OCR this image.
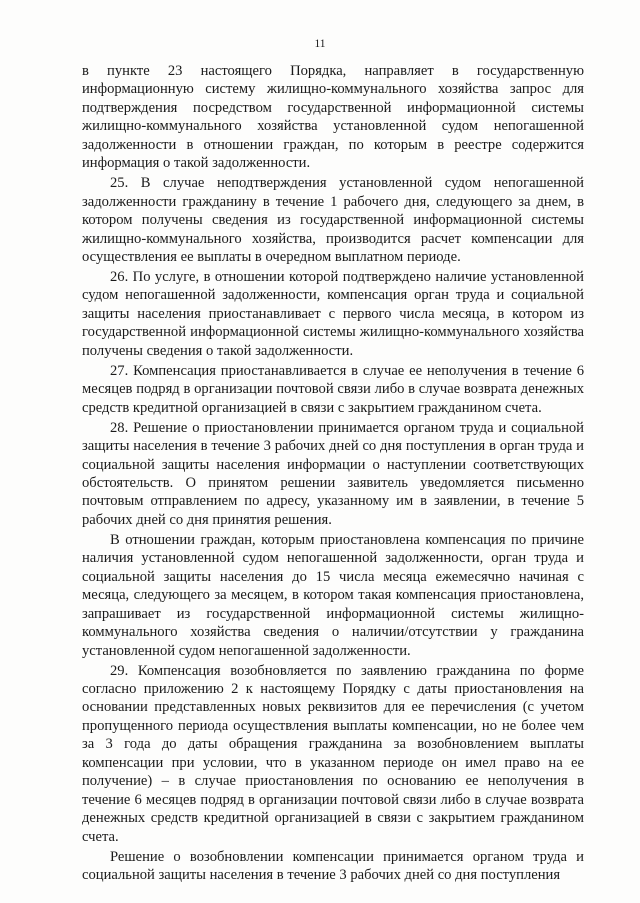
11

в пункте 23 настоящего Порядка, направляет в государственную информационную систему жилищно-коммунального хозяйства запрос для подтверждения посредством государственной информационной системы жилищно-коммунального хозяйства установленной судом непогашенной задолженности в отношении граждан, по которым в реестре содержится информация о такой задолженности.

25. В случае неподтверждения установленной судом непогашенной задолженности гражданину в течение 1 рабочего дня, следующего за днем, в котором получены сведения из государственной информационной системы жилищно-коммунального хозяйства, производится расчет компенсации для осуществления ее выплаты в очередном выплатном периоде.

26. По услуге, в отношении которой подтверждено наличие установленной судом непогашенной задолженности, компенсация орган труда и социальной защиты населения приостанавливает с первого числа месяца, в котором из государственной информационной системы жилищно-коммунального хозяйства получены сведения о такой задолженности.

27. Компенсация приостанавливается в случае ее неполучения в течение 6 месяцев подряд в организации почтовой связи либо в случае возврата денежных средств кредитной организацией в связи с закрытием гражданином счета.

28. Решение о приостановлении принимается органом труда и социальной защиты населения в течение 3 рабочих дней со дня поступления в орган труда и социальной защиты населения информации о наступлении соответствующих обстоятельств. О принятом решении заявитель уведомляется письменно почтовым отправлением по адресу, указанному им в заявлении, в течение 5 рабочих дней со дня принятия решения.

В отношении граждан, которым приостановлена компенсация по причине наличия установленной судом непогашенной задолженности, орган труда и социальной защиты населения до 15 числа месяца ежемесячно начиная с месяца, следующего за месяцем, в котором такая компенсация приостановлена, запрашивает из государственной информационной системы жилищно-коммунального хозяйства сведения о наличии/отсутствии у гражданина установленной судом непогашенной задолженности.

29. Компенсация возобновляется по заявлению гражданина по форме согласно приложению 2 к настоящему Порядку с даты приостановления на основании представленных новых реквизитов для ее перечисления (с учетом пропущенного периода осуществления выплаты компенсации, но не более чем за 3 года до даты обращения гражданина за возобновлением выплаты компенсации при условии, что в указанном периоде он имел право на ее получение) – в случае приостановления по основанию ее неполучения в течение 6 месяцев подряд в организации почтовой связи либо в случае возврата денежных средств кредитной организацией в связи с закрытием гражданином счета.

Решение о возобновлении компенсации принимается органом труда и социальной защиты населения в течение 3 рабочих дней со дня поступления
